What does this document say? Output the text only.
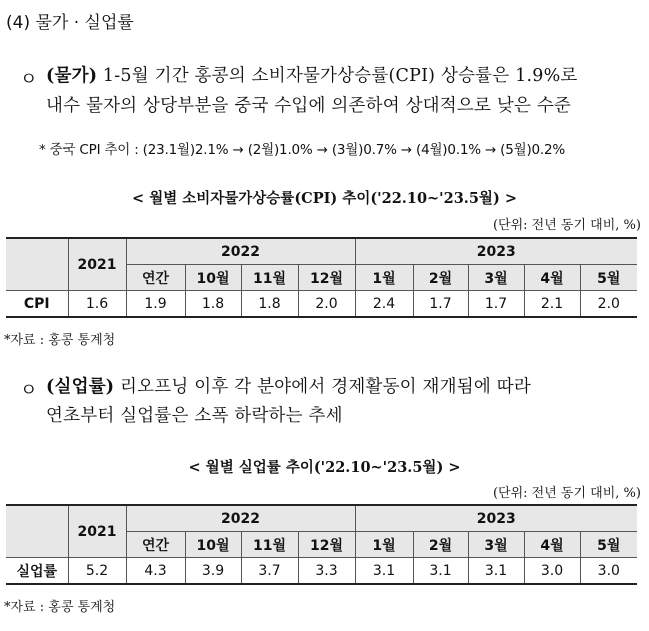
(4) 물가 · 실업률
ㅇ (물가) 1-5월 기간 홍콩의 소비자물가상승률(CPI) 상승률은 1.9%로
내수 물자의 상당부분을 중국 수입에 의존하여 상대적으로 낮은 수준
* 중국 CPI 추이 : (23.1월)2.1% → (2월)1.0% → (3월)0.7% → (4월)0.1% → (5월)0.2%
< 월별 소비자물가상승률(CPI) 추이('22.10~'23.5월) >
(단위: 전년 동기 대비, %)
	2021	2022				2023				
		연간	10월	11월	12월	1월	2월	3월	4월	5월
CPI	1.6	1.9	1.8	1.8	2.0	2.4	1.7	1.7	2.1	2.0
*자료 : 홍콩 통계청
ㅇ (실업률) 리오프닝 이후 각 분야에서 경제활동이 재개됨에 따라
연초부터 실업률은 소폭 하락하는 추세
< 월별 실업률 추이('22.10~'23.5월) >
(단위: 전년 동기 대비, %)
	2021	2022				2023				
		연간	10월	11월	12월	1월	2월	3월	4월	5월
실업률	5.2	4.3	3.9	3.7	3.3	3.1	3.1	3.1	3.0	3.0
*자료 : 홍콩 통계청
